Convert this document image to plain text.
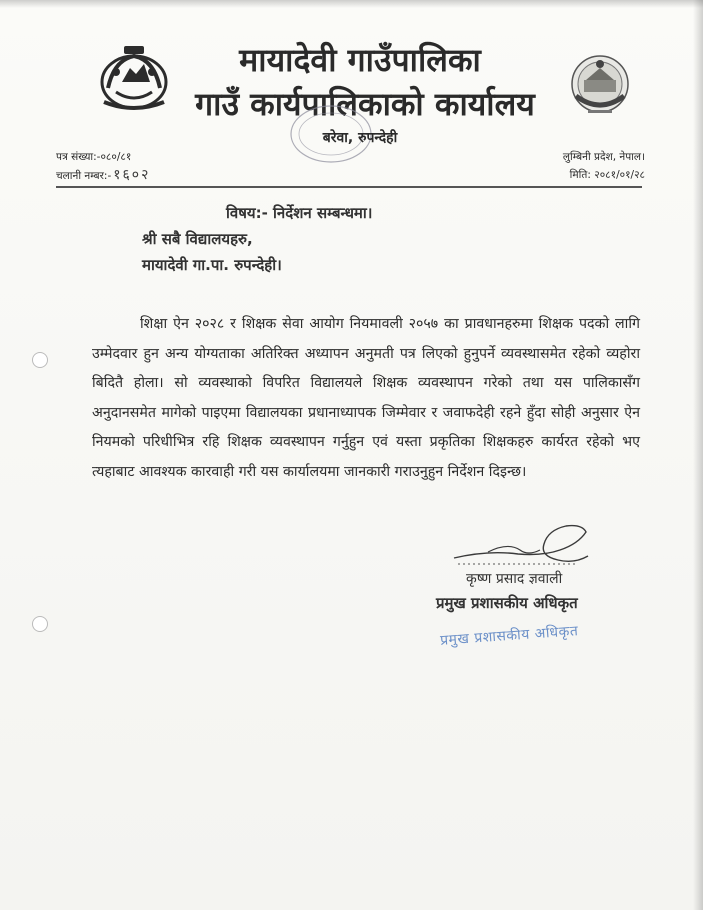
मायादेवी गाउँपालिका
गाउँ कार्यपालिकाको कार्यालय
बरेवा, रुपन्देही
पत्र संख्या:-०८०/८१
चलानी नम्बर:- १६०२
लुम्बिनी प्रदेश, नेपाल।
मिति: २०८१/०१/२८
विषय:- निर्देशन सम्बन्धमा।
श्री सबै विद्यालयहरु,
मायादेवी गा.पा. रुपन्देही।
शिक्षा ऐन २०२८ र शिक्षक सेवा आयोग नियमावली २०५७ का प्रावधानहरुमा शिक्षक पदको लागि उम्मेदवार हुन अन्य योग्यताका अतिरिक्त अध्यापन अनुमती पत्र लिएको हुनुपर्ने व्यवस्थासमेत रहेको व्यहोरा बिदितै होला। सो व्यवस्थाको विपरित विद्यालयले शिक्षक व्यवस्थापन गरेको तथा यस पालिकासँग अनुदानसमेत मागेको पाइएमा विद्यालयका प्रधानाध्यापक जिम्मेवार र जवाफदेही रहने हुँदा सोही अनुसार ऐन नियमको परिधीभित्र रहि शिक्षक व्यवस्थापन गर्नुहुन एवं यस्ता प्रकृतिका शिक्षकहरु कार्यरत रहेको भए त्यहाबाट आवश्यक कारवाही गरी यस कार्यालयमा जानकारी गराउनुहुन निर्देशन दिइन्छ।
कृष्ण प्रसाद ज्ञवाली
प्रमुख प्रशासकीय अधिकृत
प्रमुख प्रशासकीय अधिकृत
